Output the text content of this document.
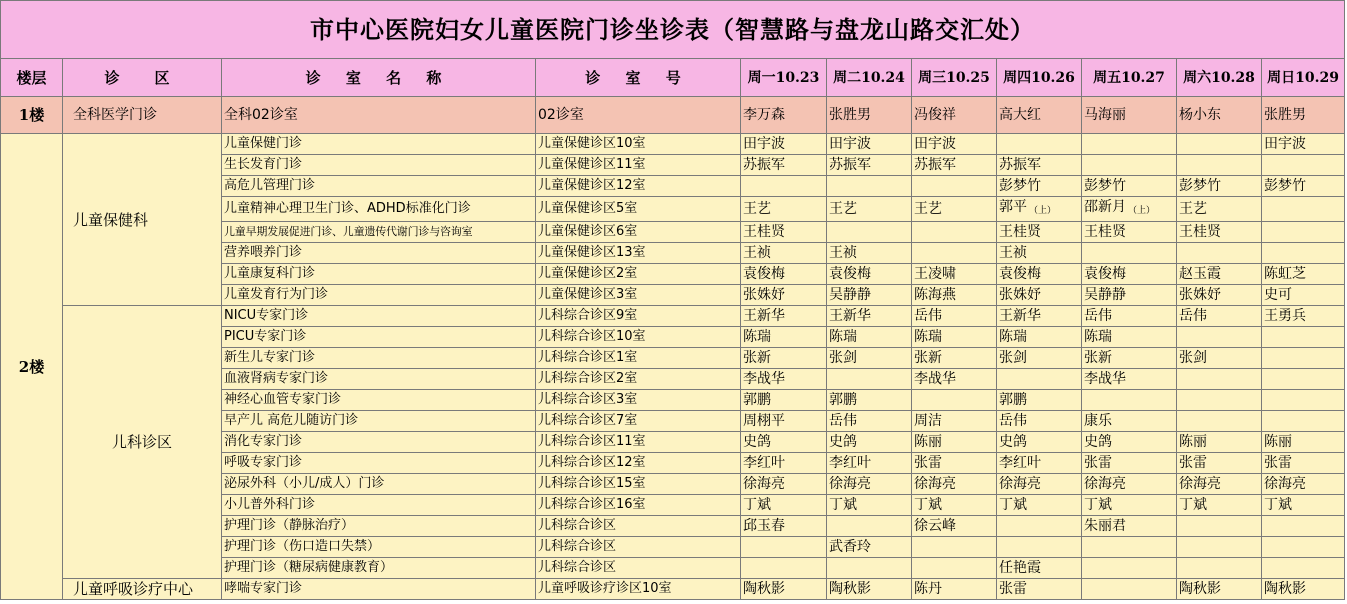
市中心医院妇女儿童医院门诊坐诊表（智慧路与盘龙山路交汇处）										
楼层	诊　区	诊 室 名 称	诊 室 号	周一10.23	周二10.24	周三10.25	周四10.26	周五10.27	周六10.28	周日10.29
1楼	全科医学门诊	全科02诊室	02诊室	李万森	张胜男	冯俊祥	高大红	马海丽	杨小东	张胜男
2楼	儿童保健科	儿童保健门诊	儿童保健诊区10室	田宇波	田宇波	田宇波				田宇波
		生长发育门诊	儿童保健诊区11室	苏振军	苏振军	苏振军	苏振军			
		高危儿管理门诊	儿童保健诊区12室				彭梦竹	彭梦竹	彭梦竹	彭梦竹
		儿童精神心理卫生门诊、ADHD标准化门诊	儿童保健诊区5室	王艺	王艺	王艺	郭平 $^{(上)}$	邵新月 $^{(上)}$	王艺	
		儿童早期发展促进门诊、儿童遗传代谢门诊与咨询室	儿童保健诊区6室	王桂贤			王桂贤	王桂贤	王桂贤	
		营养喂养门诊	儿童保健诊区13室	王祯	王祯		王祯			
		儿童康复科门诊	儿童保健诊区2室	袁俊梅	袁俊梅	王凌啸	袁俊梅	袁俊梅	赵玉霞	陈虹芝
		儿童发育行为门诊	儿童保健诊区3室	张姝妤	吴静静	陈海燕	张姝妤	吴静静	张姝妤	史可
	儿科诊区	NICU专家门诊	儿科综合诊区9室	王新华	王新华	岳伟	王新华	岳伟	岳伟	王勇兵
		PICU专家门诊	儿科综合诊区10室	陈瑞	陈瑞	陈瑞	陈瑞	陈瑞		
		新生儿专家门诊	儿科综合诊区1室	张新	张剑	张新	张剑	张新	张剑	
		血液肾病专家门诊	儿科综合诊区2室	李战华		李战华		李战华		
		神经心血管专家门诊	儿科综合诊区3室	郭鹏	郭鹏		郭鹏			
		早产儿 高危儿随访门诊	儿科综合诊区7室	周栩平	岳伟	周洁	岳伟	康乐		
		消化专家门诊	儿科综合诊区11室	史鸽	史鸽	陈丽	史鸽	史鸽	陈丽	陈丽
		呼吸专家门诊	儿科综合诊区12室	李红叶	李红叶	张雷	李红叶	张雷	张雷	张雷
		泌尿外科（小儿/成人）门诊	儿科综合诊区15室	徐海亮	徐海亮	徐海亮	徐海亮	徐海亮	徐海亮	徐海亮
		小儿普外科门诊	儿科综合诊区16室	丁斌	丁斌	丁斌	丁斌	丁斌	丁斌	丁斌
		护理门诊（静脉治疗）	儿科综合诊区	邱玉春		徐云峰		朱丽君		
		护理门诊（伤口造口失禁）	儿科综合诊区		武香玲					
		护理门诊（糖尿病健康教育）	儿科综合诊区				任艳霞			
	儿童呼吸诊疗中心	哮喘专家门诊	儿童呼吸诊疗诊区10室	陶秋影	陶秋影	陈丹	张雷		陶秋影	陶秋影
